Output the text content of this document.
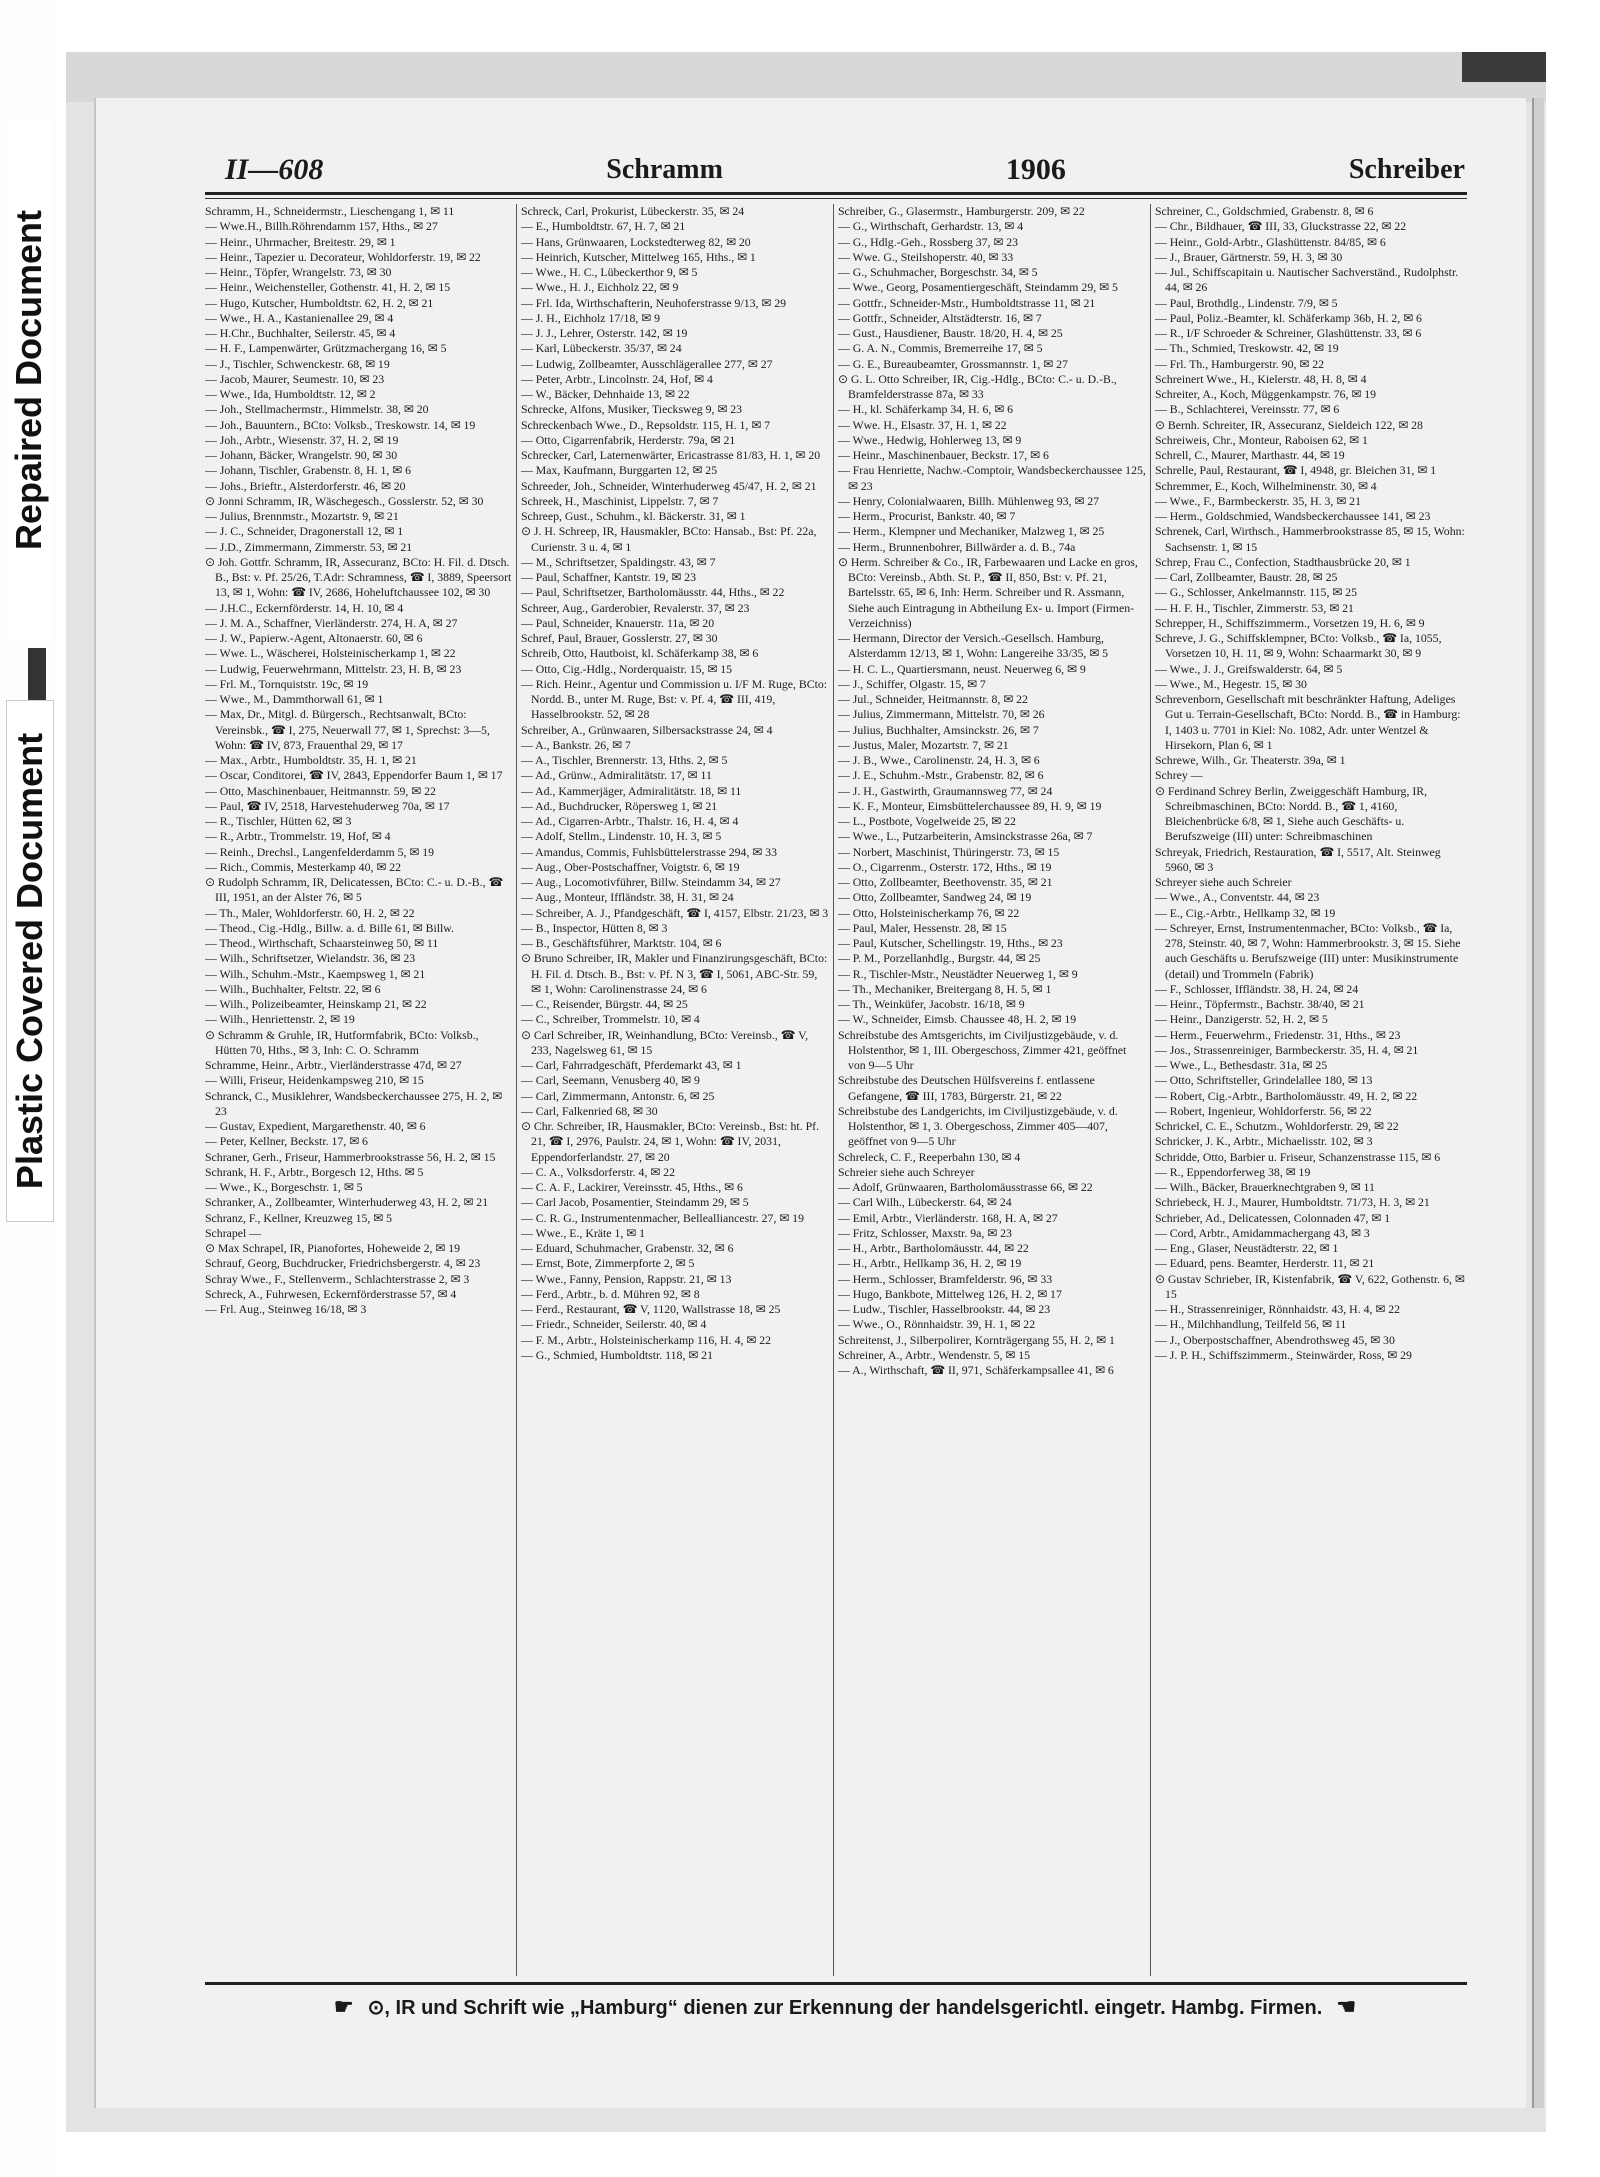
Repaired Document
Plastic Covered Document
II—608	Schramm	1906	Schreiber
Schramm, H., Schneidermstr., Lieschengang 1, ✉ 11
— Wwe.H., Billh.Röhrendamm 157, Hths., ✉ 27
— Heinr., Uhrmacher, Breitestr. 29, ✉ 1
— Heinr., Tapezier u. Decorateur, Wohldorferstr. 19, ✉ 22
— Heinr., Töpfer, Wrangelstr. 73, ✉ 30
— Heinr., Weichensteller, Gothenstr. 41, H. 2, ✉ 15
— Hugo, Kutscher, Humboldtstr. 62, H. 2, ✉ 21
— Wwe., H. A., Kastanienallee 29, ✉ 4
— H.Chr., Buchhalter, Seilerstr. 45, ✉ 4
— H. F., Lampenwärter, Grützmachergang 16, ✉ 5
— J., Tischler, Schwenckestr. 68, ✉ 19
— Jacob, Maurer, Seumestr. 10, ✉ 23
— Wwe., Ida, Humboldtstr. 12, ✉ 2
— Joh., Stellmachermstr., Himmelstr. 38, ✉ 20
— Joh., Bauuntern., BCto: Volksb., Treskowstr. 14, ✉ 19
— Joh., Arbtr., Wiesenstr. 37, H. 2, ✉ 19
— Johann, Bäcker, Wrangelstr. 90, ✉ 30
— Johann, Tischler, Grabenstr. 8, H. 1, ✉ 6
— Johs., Brieftr., Alsterdorferstr. 46, ✉ 20
⊙ Jonni Schramm, IR, Wäschegesch., Gosslerstr. 52, ✉ 30
— Julius, Brennmstr., Mozartstr. 9, ✉ 21
— J. C., Schneider, Dragonerstall 12, ✉ 1
— J.D., Zimmermann, Zimmerstr. 53, ✉ 21
⊙ Joh. Gottfr. Schramm, IR, Assecuranz, BCto: H. Fil. d. Dtsch. B., Bst: v. Pf. 25/26, T.Adr: Schramness, ☎ I, 3889, Speersort 13, ✉ 1, Wohn: ☎ IV, 2686, Hoheluftchaussee 102, ✉ 30
— J.H.C., Eckernförderstr. 14, H. 10, ✉ 4
— J. M. A., Schaffner, Vierländerstr. 274, H. A, ✉ 27
— J. W., Papierw.-Agent, Altonaerstr. 60, ✉ 6
— Wwe. L., Wäscherei, Holsteinischerkamp 1, ✉ 22
— Ludwig, Feuerwehrmann, Mittelstr. 23, H. B, ✉ 23
— Frl. M., Tornquiststr. 19c, ✉ 19
— Wwe., M., Dammthorwall 61, ✉ 1
— Max, Dr., Mitgl. d. Bürgersch., Rechtsanwalt, BCto: Vereinsbk., ☎ I, 275, Neuerwall 77, ✉ 1, Sprechst: 3—5, Wohn: ☎ IV, 873, Frauenthal 29, ✉ 17
— Max., Arbtr., Humboldtstr. 35, H. 1, ✉ 21
— Oscar, Conditorei, ☎ IV, 2843, Eppendorfer Baum 1, ✉ 17
— Otto, Maschinenbauer, Heitmannstr. 59, ✉ 22
— Paul, ☎ IV, 2518, Harvestehuderweg 70a, ✉ 17
— R., Tischler, Hütten 62, ✉ 3
— R., Arbtr., Trommelstr. 19, Hof, ✉ 4
— Reinh., Drechsl., Langenfelderdamm 5, ✉ 19
— Rich., Commis, Mesterkamp 40, ✉ 22
⊙ Rudolph Schramm, IR, Delicatessen, BCto: C.- u. D.-B., ☎ III, 1951, an der Alster 76, ✉ 5
— Th., Maler, Wohldorferstr. 60, H. 2, ✉ 22
— Theod., Cig.-Hdlg., Billw. a. d. Bille 61, ✉ Billw.
— Theod., Wirthschaft, Schaarsteinweg 50, ✉ 11
— Wilh., Schriftsetzer, Wielandstr. 36, ✉ 23
— Wilh., Schuhm.-Mstr., Kaempsweg 1, ✉ 21
— Wilh., Buchhalter, Feltstr. 22, ✉ 6
— Wilh., Polizeibeamter, Heinskamp 21, ✉ 22
— Wilh., Henriettenstr. 2, ✉ 19
⊙ Schramm & Gruhle, IR, Hutformfabrik, BCto: Volksb., Hütten 70, Hths., ✉ 3, Inh: C. O. Schramm
Schramme, Heinr., Arbtr., Vierländerstrasse 47d, ✉ 27
— Willi, Friseur, Heidenkampsweg 210, ✉ 15
Schranck, C., Musiklehrer, Wandsbeckerchaussee 275, H. 2, ✉ 23
— Gustav, Expedient, Margarethenstr. 40, ✉ 6
— Peter, Kellner, Beckstr. 17, ✉ 6
Schraner, Gerh., Friseur, Hammerbrookstrasse 56, H. 2, ✉ 15
Schrank, H. F., Arbtr., Borgesch 12, Hths. ✉ 5
— Wwe., K., Borgeschstr. 1, ✉ 5
Schranker, A., Zollbeamter, Winterhuderweg 43, H. 2, ✉ 21
Schranz, F., Kellner, Kreuzweg 15, ✉ 5
Schrapel —
⊙ Max Schrapel, IR, Pianofortes, Hoheweide 2, ✉ 19
Schrauf, Georg, Buchdrucker, Friedrichsbergerstr. 4, ✉ 23
Schray Wwe., F., Stellenverm., Schlachterstrasse 2, ✉ 3
Schreck, A., Fuhrwesen, Eckernförderstrasse 57, ✉ 4
— Frl. Aug., Steinweg 16/18, ✉ 3
Schreck, Carl, Prokurist, Lübeckerstr. 35, ✉ 24
— E., Humboldtstr. 67, H. 7, ✉ 21
— Hans, Grünwaaren, Lockstedterweg 82, ✉ 20
— Heinrich, Kutscher, Mittelweg 165, Hths., ✉ 1
— Wwe., H. C., Lübeckerthor 9, ✉ 5
— Wwe., H. J., Eichholz 22, ✉ 9
— Frl. Ida, Wirthschafterin, Neuhoferstrasse 9/13, ✉ 29
— J. H., Eichholz 17/18, ✉ 9
— J. J., Lehrer, Osterstr. 142, ✉ 19
— Karl, Lübeckerstr. 35/37, ✉ 24
— Ludwig, Zollbeamter, Ausschlägerallee 277, ✉ 27
— Peter, Arbtr., Lincolnstr. 24, Hof, ✉ 4
— W., Bäcker, Dehnhaide 13, ✉ 22
Schrecke, Alfons, Musiker, Tiecksweg 9, ✉ 23
Schreckenbach Wwe., D., Repsoldstr. 115, H. 1, ✉ 7
— Otto, Cigarrenfabrik, Herderstr. 79a, ✉ 21
Schrecker, Carl, Laternenwärter, Ericastrasse 81/83, H. 1, ✉ 20
— Max, Kaufmann, Burggarten 12, ✉ 25
Schreeder, Joh., Schneider, Winterhuderweg 45/47, H. 2, ✉ 21
Schreek, H., Maschinist, Lippelstr. 7, ✉ 7
Schreep, Gust., Schuhm., kl. Bäckerstr. 31, ✉ 1
⊙ J. H. Schreep, IR, Hausmakler, BCto: Hansab., Bst: Pf. 22a, Curienstr. 3 u. 4, ✉ 1
— M., Schriftsetzer, Spaldingstr. 43, ✉ 7
— Paul, Schaffner, Kantstr. 19, ✉ 23
— Paul, Schriftsetzer, Bartholomäusstr. 44, Hths., ✉ 22
Schreer, Aug., Garderobier, Revalerstr. 37, ✉ 23
— Paul, Schneider, Knauerstr. 11a, ✉ 20
Schref, Paul, Brauer, Gosslerstr. 27, ✉ 30
Schreib, Otto, Hautboist, kl. Schäferkamp 38, ✉ 6
— Otto, Cig.-Hdlg., Norderquaistr. 15, ✉ 15
— Rich. Heinr., Agentur und Commission u. I/F M. Ruge, BCto: Nordd. B., unter M. Ruge, Bst: v. Pf. 4, ☎ III, 419, Hasselbrookstr. 52, ✉ 28
Schreiber, A., Grünwaaren, Silbersackstrasse 24, ✉ 4
— A., Bankstr. 26, ✉ 7
— A., Tischler, Brennerstr. 13, Hths. 2, ✉ 5
— Ad., Grünw., Admiralitätstr. 17, ✉ 11
— Ad., Kammerjäger, Admiralitätstr. 18, ✉ 11
— Ad., Buchdrucker, Röpersweg 1, ✉ 21
— Ad., Cigarren-Arbtr., Thalstr. 16, H. 4, ✉ 4
— Adolf, Stellm., Lindenstr. 10, H. 3, ✉ 5
— Amandus, Commis, Fuhlsbüttelerstrasse 294, ✉ 33
— Aug., Ober-Postschaffner, Voigtstr. 6, ✉ 19
— Aug., Locomotivführer, Billw. Steindamm 34, ✉ 27
— Aug., Monteur, Iffländstr. 38, H. 31, ✉ 24
— Schreiber, A. J., Pfandgeschäft, ☎ I, 4157, Elbstr. 21/23, ✉ 3
— B., Inspector, Hütten 8, ✉ 3
— B., Geschäftsführer, Marktstr. 104, ✉ 6
⊙ Bruno Schreiber, IR, Makler und Finanzirungsgeschäft, BCto: H. Fil. d. Dtsch. B., Bst: v. Pf. N 3, ☎ I, 5061, ABC-Str. 59, ✉ 1, Wohn: Carolinenstrasse 24, ✉ 6
— C., Reisender, Bürgstr. 44, ✉ 25
— C., Schreiber, Trommelstr. 10, ✉ 4
⊙ Carl Schreiber, IR, Weinhandlung, BCto: Vereinsb., ☎ V, 233, Nagelsweg 61, ✉ 15
— Carl, Fahrradgeschäft, Pferdemarkt 43, ✉ 1
— Carl, Seemann, Venusberg 40, ✉ 9
— Carl, Zimmermann, Antonstr. 6, ✉ 25
— Carl, Falkenried 68, ✉ 30
⊙ Chr. Schreiber, IR, Hausmakler, BCto: Vereinsb., Bst: ht. Pf. 21, ☎ I, 2976, Paulstr. 24, ✉ 1, Wohn: ☎ IV, 2031, Eppendorferlandstr. 27, ✉ 20
— C. A., Volksdorferstr. 4, ✉ 22
— C. A. F., Lackirer, Vereinsstr. 45, Hths., ✉ 6
— Carl Jacob, Posamentier, Steindamm 29, ✉ 5
— C. R. G., Instrumentenmacher, Bellealliancestr. 27, ✉ 19
— Wwe., E., Kräte 1, ✉ 1
— Eduard, Schuhmacher, Grabenstr. 32, ✉ 6
— Ernst, Bote, Zimmerpforte 2, ✉ 5
— Wwe., Fanny, Pension, Rappstr. 21, ✉ 13
— Ferd., Arbtr., b. d. Mühren 92, ✉ 8
— Ferd., Restaurant, ☎ V, 1120, Wallstrasse 18, ✉ 25
— Friedr., Schneider, Seilerstr. 40, ✉ 4
— F. M., Arbtr., Holsteinischerkamp 116, H. 4, ✉ 22
— G., Schmied, Humboldtstr. 118, ✉ 21
Schreiber, G., Glasermstr., Hamburgerstr. 209, ✉ 22
— G., Wirthschaft, Gerhardstr. 13, ✉ 4
— G., Hdlg.-Geh., Rossberg 37, ✉ 23
— Wwe. G., Steilshoperstr. 40, ✉ 33
— G., Schuhmacher, Borgeschstr. 34, ✉ 5
— Wwe., Georg, Posamentiergeschäft, Steindamm 29, ✉ 5
— Gottfr., Schneider-Mstr., Humboldtstrasse 11, ✉ 21
— Gottfr., Schneider, Altstädterstr. 16, ✉ 7
— Gust., Hausdiener, Baustr. 18/20, H. 4, ✉ 25
— G. A. N., Commis, Bremerreihe 17, ✉ 5
— G. E., Bureaubeamter, Grossmannstr. 1, ✉ 27
⊙ G. L. Otto Schreiber, IR, Cig.-Hdlg., BCto: C.- u. D.-B., Bramfelderstrasse 87a, ✉ 33
— H., kl. Schäferkamp 34, H. 6, ✉ 6
— Wwe. H., Elsastr. 37, H. 1, ✉ 22
— Wwe., Hedwig, Hohlerweg 13, ✉ 9
— Heinr., Maschinenbauer, Beckstr. 17, ✉ 6
— Frau Henriette, Nachw.-Comptoir, Wandsbeckerchaussee 125, ✉ 23
— Henry, Colonialwaaren, Billh. Mühlenweg 93, ✉ 27
— Herm., Procurist, Bankstr. 40, ✉ 7
— Herm., Klempner und Mechaniker, Malzweg 1, ✉ 25
— Herm., Brunnenbohrer, Billwärder a. d. B., 74a
⊙ Herm. Schreiber & Co., IR, Farbewaaren und Lacke en gros, BCto: Vereinsb., Abth. St. P., ☎ II, 850, Bst: v. Pf. 21, Bartelsstr. 65, ✉ 6, Inh: Herm. Schreiber und R. Assmann, Siehe auch Eintragung in Abtheilung Ex- u. Import (Firmen-Verzeichniss)
— Hermann, Director der Versich.-Gesellsch. Hamburg, Alsterdamm 12/13, ✉ 1, Wohn: Langereihe 33/35, ✉ 5
— H. C. L., Quartiersmann, neust. Neuerweg 6, ✉ 9
— J., Schiffer, Olgastr. 15, ✉ 7
— Jul., Schneider, Heitmannstr. 8, ✉ 22
— Julius, Zimmermann, Mittelstr. 70, ✉ 26
— Julius, Buchhalter, Amsinckstr. 26, ✉ 7
— Justus, Maler, Mozartstr. 7, ✉ 21
— J. B., Wwe., Carolinenstr. 24, H. 3, ✉ 6
— J. E., Schuhm.-Mstr., Grabenstr. 82, ✉ 6
— J. H., Gastwirth, Graumannsweg 77, ✉ 24
— K. F., Monteur, Eimsbüttelerchaussee 89, H. 9, ✉ 19
— L., Postbote, Vogelweide 25, ✉ 22
— Wwe., L., Putzarbeiterin, Amsinckstrasse 26a, ✉ 7
— Norbert, Maschinist, Thüringerstr. 73, ✉ 15
— O., Cigarrenm., Osterstr. 172, Hths., ✉ 19
— Otto, Zollbeamter, Beethovenstr. 35, ✉ 21
— Otto, Zollbeamter, Sandweg 24, ✉ 19
— Otto, Holsteinischerkamp 76, ✉ 22
— Paul, Maler, Hessenstr. 28, ✉ 15
— Paul, Kutscher, Schellingstr. 19, Hths., ✉ 23
— P. M., Porzellanhdlg., Burgstr. 44, ✉ 25
— R., Tischler-Mstr., Neustädter Neuerweg 1, ✉ 9
— Th., Mechaniker, Breitergang 8, H. 5, ✉ 1
— Th., Weinküfer, Jacobstr. 16/18, ✉ 9
— W., Schneider, Eimsb. Chaussee 48, H. 2, ✉ 19
Schreibstube des Amtsgerichts, im Civiljustizgebäude, v. d. Holstenthor, ✉ 1, III. Obergeschoss, Zimmer 421, geöffnet von 9—5 Uhr
Schreibstube des Deutschen Hülfsvereins f. entlassene Gefangene, ☎ III, 1783, Bürgerstr. 21, ✉ 22
Schreibstube des Landgerichts, im Civiljustizgebäude, v. d. Holstenthor, ✉ 1, 3. Obergeschoss, Zimmer 405—407, geöffnet von 9—5 Uhr
Schreleck, C. F., Reeperbahn 130, ✉ 4
Schreier siehe auch Schreyer
— Adolf, Grünwaaren, Bartholomäusstrasse 66, ✉ 22
— Carl Wilh., Lübeckerstr. 64, ✉ 24
— Emil, Arbtr., Vierländerstr. 168, H. A, ✉ 27
— Fritz, Schlosser, Maxstr. 9a, ✉ 23
— H., Arbtr., Bartholomäusstr. 44, ✉ 22
— H., Arbtr., Hellkamp 36, H. 2, ✉ 19
— Herm., Schlosser, Bramfelderstr. 96, ✉ 33
— Hugo, Bankbote, Mittelweg 126, H. 2, ✉ 17
— Ludw., Tischler, Hasselbrookstr. 44, ✉ 23
— Wwe., O., Rönnhaidstr. 39, H. 1, ✉ 22
Schreitenst, J., Silberpolirer, Kornträgergang 55, H. 2, ✉ 1
Schreiner, A., Arbtr., Wendenstr. 5, ✉ 15
— A., Wirthschaft, ☎ II, 971, Schäferkampsallee 41, ✉ 6
Schreiner, C., Goldschmied, Grabenstr. 8, ✉ 6
— Chr., Bildhauer, ☎ III, 33, Gluckstrasse 22, ✉ 22
— Heinr., Gold-Arbtr., Glashüttenstr. 84/85, ✉ 6
— J., Brauer, Gärtnerstr. 59, H. 3, ✉ 30
— Jul., Schiffscapitain u. Nautischer Sachverständ., Rudolphstr. 44, ✉ 26
— Paul, Brothdlg., Lindenstr. 7/9, ✉ 5
— Paul, Poliz.-Beamter, kl. Schäferkamp 36b, H. 2, ✉ 6
— R., I/F Schroeder & Schreiner, Glashüttenstr. 33, ✉ 6
— Th., Schmied, Treskowstr. 42, ✉ 19
— Frl. Th., Hamburgerstr. 90, ✉ 22
Schreinert Wwe., H., Kielerstr. 48, H. 8, ✉ 4
Schreiter, A., Koch, Müggenkampstr. 76, ✉ 19
— B., Schlachterei, Vereinsstr. 77, ✉ 6
⊙ Bernh. Schreiter, IR, Assecuranz, Sieldeich 122, ✉ 28
Schreiweis, Chr., Monteur, Raboisen 62, ✉ 1
Schrell, C., Maurer, Marthastr. 44, ✉ 19
Schrelle, Paul, Restaurant, ☎ I, 4948, gr. Bleichen 31, ✉ 1
Schremmer, E., Koch, Wilhelminenstr. 30, ✉ 4
— Wwe., F., Barmbeckerstr. 35, H. 3, ✉ 21
— Herm., Goldschmied, Wandsbeckerchaussee 141, ✉ 23
Schrenek, Carl, Wirthsch., Hammerbrookstrasse 85, ✉ 15, Wohn: Sachsenstr. 1, ✉ 15
Schrep, Frau C., Confection, Stadthausbrücke 20, ✉ 1
— Carl, Zollbeamter, Baustr. 28, ✉ 25
— G., Schlosser, Ankelmannstr. 115, ✉ 25
— H. F. H., Tischler, Zimmerstr. 53, ✉ 21
Schrepper, H., Schiffszimmerm., Vorsetzen 19, H. 6, ✉ 9
Schreve, J. G., Schiffsklempner, BCto: Volksb., ☎ Ia, 1055, Vorsetzen 10, H. 11, ✉ 9, Wohn: Schaarmarkt 30, ✉ 9
— Wwe., J. J., Greifswalderstr. 64, ✉ 5
— Wwe., M., Hegestr. 15, ✉ 30
Schrevenborn, Gesellschaft mit beschränkter Haftung, Adeliges Gut u. Terrain-Gesellschaft, BCto: Nordd. B., ☎ in Hamburg: I, 1403 u. 7701 in Kiel: No. 1082, Adr. unter Wentzel & Hirsekorn, Plan 6, ✉ 1
Schrewe, Wilh., Gr. Theaterstr. 39a, ✉ 1
Schrey —
⊙ Ferdinand Schrey Berlin, Zweiggeschäft Hamburg, IR, Schreibmaschinen, BCto: Nordd. B., ☎ 1, 4160, Bleichenbrücke 6/8, ✉ 1, Siehe auch Geschäfts- u. Berufszweige (III) unter: Schreibmaschinen
Schreyak, Friedrich, Restauration, ☎ I, 5517, Alt. Steinweg 5960, ✉ 3
Schreyer siehe auch Schreier
— Wwe., A., Conventstr. 44, ✉ 23
— E., Cig.-Arbtr., Hellkamp 32, ✉ 19
— Schreyer, Ernst, Instrumentenmacher, BCto: Volksb., ☎ Ia, 278, Steinstr. 40, ✉ 7, Wohn: Hammerbrookstr. 3, ✉ 15. Siehe auch Geschäfts u. Berufszweige (III) unter: Musikinstrumente (detail) und Trommeln (Fabrik)
— F., Schlosser, Iffländstr. 38, H. 24, ✉ 24
— Heinr., Töpfermstr., Bachstr. 38/40, ✉ 21
— Heinr., Danzigerstr. 52, H. 2, ✉ 5
— Herm., Feuerwehrm., Friedenstr. 31, Hths., ✉ 23
— Jos., Strassenreiniger, Barmbeckerstr. 35, H. 4, ✉ 21
— Wwe., L., Bethesdastr. 31a, ✉ 25
— Otto, Schriftsteller, Grindelallee 180, ✉ 13
— Robert, Cig.-Arbtr., Bartholomäusstr. 49, H. 2, ✉ 22
— Robert, Ingenieur, Wohldorferstr. 56, ✉ 22
Schrickel, C. E., Schutzm., Wohldorferstr. 29, ✉ 22
Schricker, J. K., Arbtr., Michaelisstr. 102, ✉ 3
Schridde, Otto, Barbier u. Friseur, Schanzenstrasse 115, ✉ 6
— R., Eppendorferweg 38, ✉ 19
— Wilh., Bäcker, Brauerknechtgraben 9, ✉ 11
Schriebeck, H. J., Maurer, Humboldtstr. 71/73, H. 3, ✉ 21
Schrieber, Ad., Delicatessen, Colonnaden 47, ✉ 1
— Cord, Arbtr., Amidammachergang 43, ✉ 3
— Eng., Glaser, Neustädterstr. 22, ✉ 1
— Eduard, pens. Beamter, Herderstr. 11, ✉ 21
⊙ Gustav Schrieber, IR, Kistenfabrik, ☎ V, 622, Gothenstr. 6, ✉ 15
— H., Strassenreiniger, Rönnhaidstr. 43, H. 4, ✉ 22
— H., Milchhandlung, Teilfeld 56, ✉ 11
— J., Oberpostschaffner, Abendrothsweg 45, ✉ 30
— J. P. H., Schiffszimmerm., Steinwärder, Ross, ✉ 29
☛ ⊙, IR und Schrift wie „Hamburg“ dienen zur Erkennung der handelsgerichtl. eingetr. Hambg. Firmen. ☚
